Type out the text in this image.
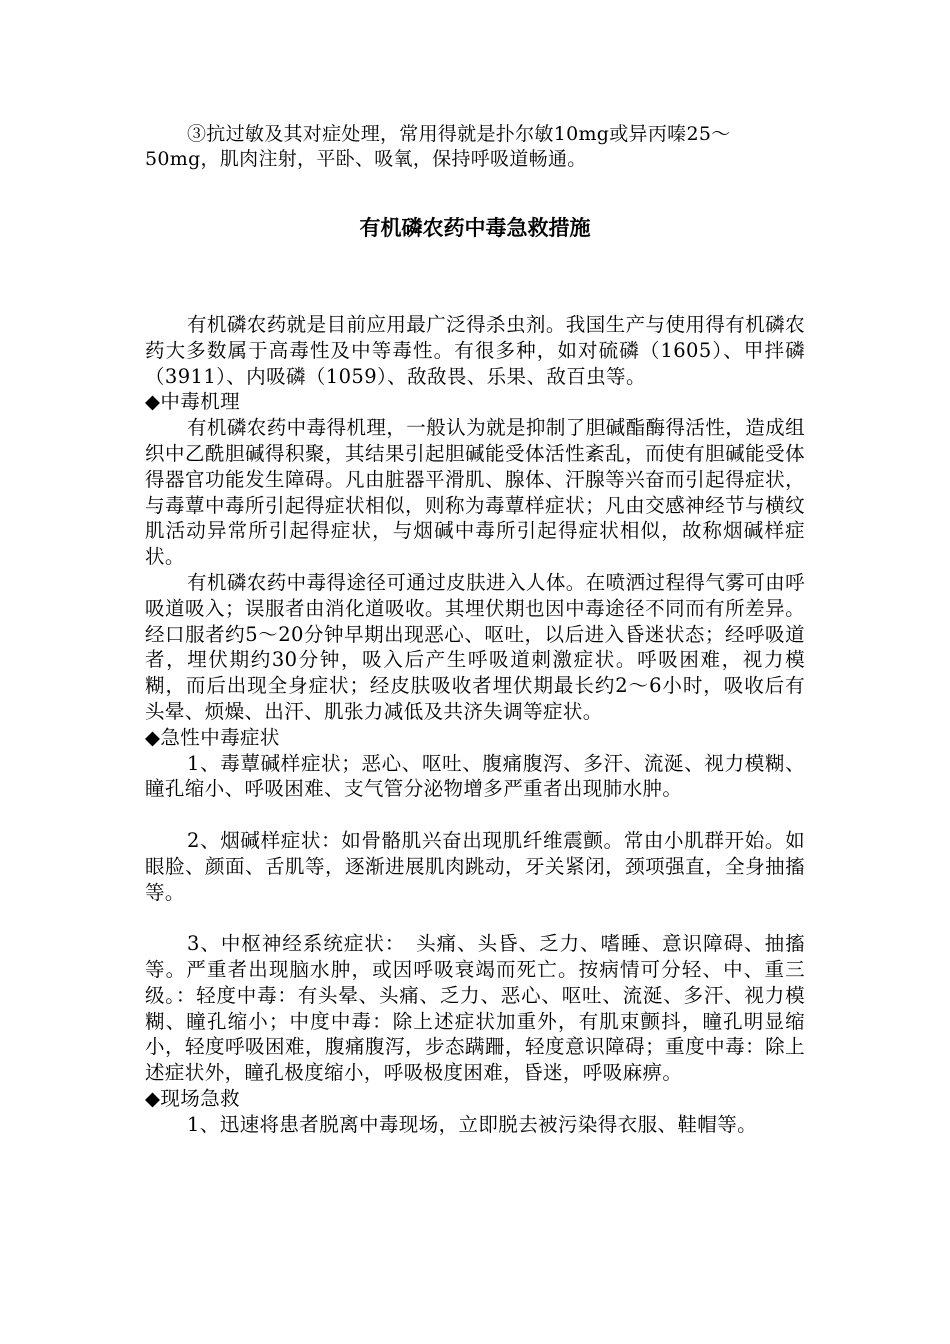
③抗过敏及其对症处理，常用得就是扑尔敏10mg或异丙嗪25～50mg，肌肉注射，平卧、吸氧，保持呼吸道畅通。

有机磷农药中毒急救措施

有机磷农药就是目前应用最广泛得杀虫剂。我国生产与使用得有机磷农药大多数属于高毒性及中等毒性。有很多种，如对硫磷（1605）、甲拌磷（3911）、内吸磷（1059）、敌敌畏、乐果、敌百虫等。

◆中毒机理

有机磷农药中毒得机理，一般认为就是抑制了胆碱酯酶得活性，造成组织中乙酰胆碱得积聚，其结果引起胆碱能受体活性紊乱，而使有胆碱能受体得器官功能发生障碍。凡由脏器平滑肌、腺体、汗腺等兴奋而引起得症状，与毒蕈中毒所引起得症状相似，则称为毒蕈样症状；凡由交感神经节与横纹肌活动异常所引起得症状，与烟碱中毒所引起得症状相似，故称烟碱样症状。

有机磷农药中毒得途径可通过皮肤进入人体。在喷洒过程得气雾可由呼吸道吸入；误服者由消化道吸收。其埋伏期也因中毒途径不同而有所差异。经口服者约5～20分钟早期出现恶心、呕吐，以后进入昏迷状态；经呼吸道者，埋伏期约30分钟，吸入后产生呼吸道刺激症状。呼吸困难，视力模糊，而后出现全身症状；经皮肤吸收者埋伏期最长约2～6小时，吸收后有头晕、烦燥、出汗、肌张力减低及共济失调等症状。

◆急性中毒症状

1、毒蕈碱样症状；恶心、呕吐、腹痛腹泻、多汗、流涎、视力模糊、瞳孔缩小、呼吸困难、支气管分泌物增多严重者出现肺水肿。

2、烟碱样症状：如骨骼肌兴奋出现肌纤维震颤。常由小肌群开始。如眼脸、颜面、舌肌等，逐渐进展肌肉跳动，牙关紧闭，颈项强直，全身抽搐等。

3、中枢神经系统症状：　头痛、头昏、乏力、嗜睡、意识障碍、抽搐等。严重者出现脑水肿，或因呼吸衰竭而死亡。按病情可分轻、中、重三级。：轻度中毒：有头晕、头痛、乏力、恶心、呕吐、流涎、多汗、视力模糊、瞳孔缩小；中度中毒：除上述症状加重外，有肌束颤抖，瞳孔明显缩小，轻度呼吸困难，腹痛腹泻，步态蹒跚，轻度意识障碍；重度中毒：除上述症状外，瞳孔极度缩小，呼吸极度困难，昏迷，呼吸麻痹。

◆现场急救

1、迅速将患者脱离中毒现场，立即脱去被污染得衣服、鞋帽等。
